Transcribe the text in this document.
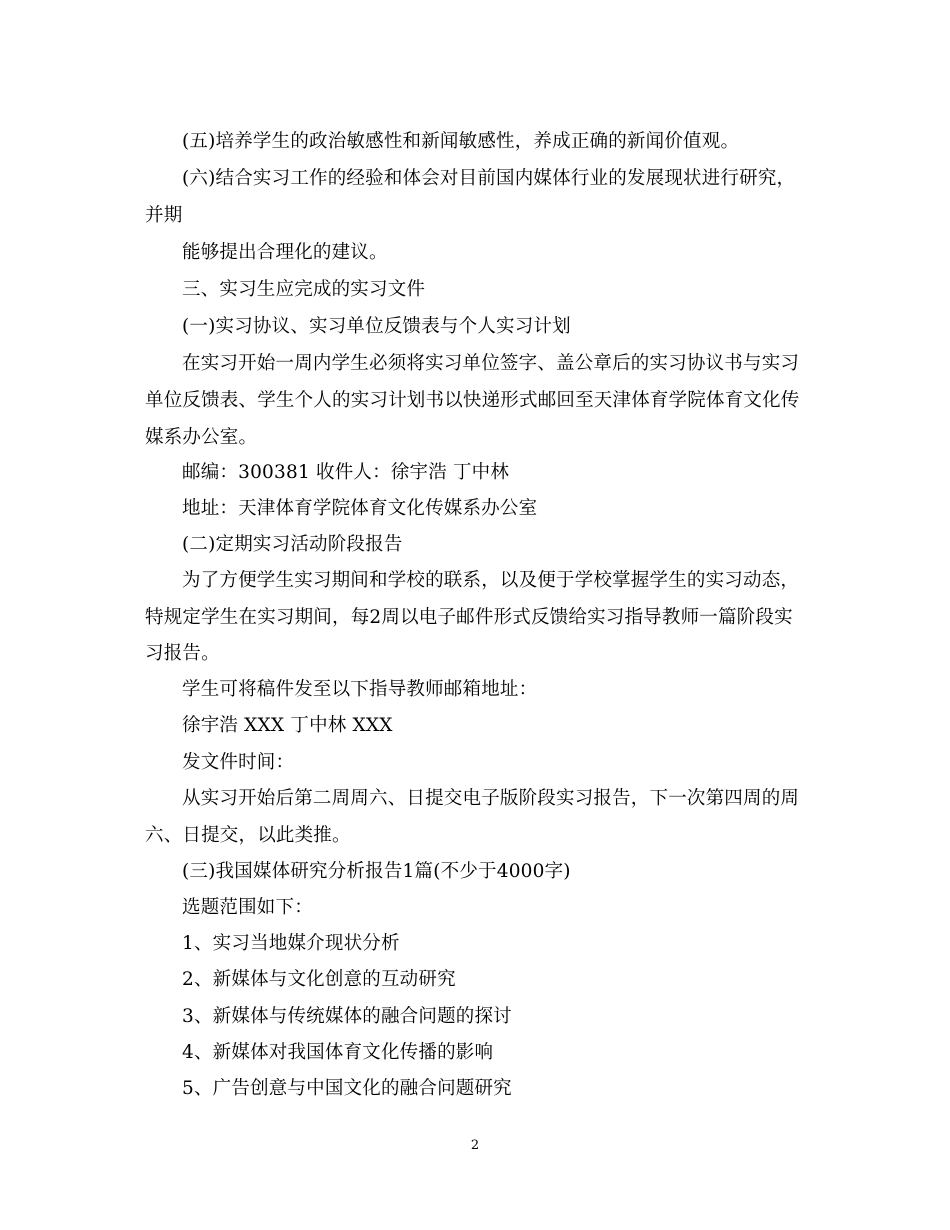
(五)培养学生的政治敏感性和新闻敏感性，养成正确的新闻价值观。
(六)结合实习工作的经验和体会对目前国内媒体行业的发展现状进行研究，
并期
能够提出合理化的建议。
三、实习生应完成的实习文件
(一)实习协议、实习单位反馈表与个人实习计划
在实习开始一周内学生必须将实习单位签字、盖公章后的实习协议书与实习
单位反馈表、学生个人的实习计划书以快递形式邮回至天津体育学院体育文化传
媒系办公室。
邮编：300381 收件人：徐宇浩 丁中林
地址：天津体育学院体育文化传媒系办公室
(二)定期实习活动阶段报告
为了方便学生实习期间和学校的联系，以及便于学校掌握学生的实习动态，
特规定学生在实习期间，每2周以电子邮件形式反馈给实习指导教师一篇阶段实
习报告。
学生可将稿件发至以下指导教师邮箱地址：
徐宇浩 XXX 丁中林 XXX
发文件时间：
从实习开始后第二周周六、日提交电子版阶段实习报告，下一次第四周的周
六、日提交，以此类推。
(三)我国媒体研究分析报告1篇(不少于4000字)
选题范围如下：
1、实习当地媒介现状分析
2、新媒体与文化创意的互动研究
3、新媒体与传统媒体的融合问题的探讨
4、新媒体对我国体育文化传播的影响
5、广告创意与中国文化的融合问题研究
2
